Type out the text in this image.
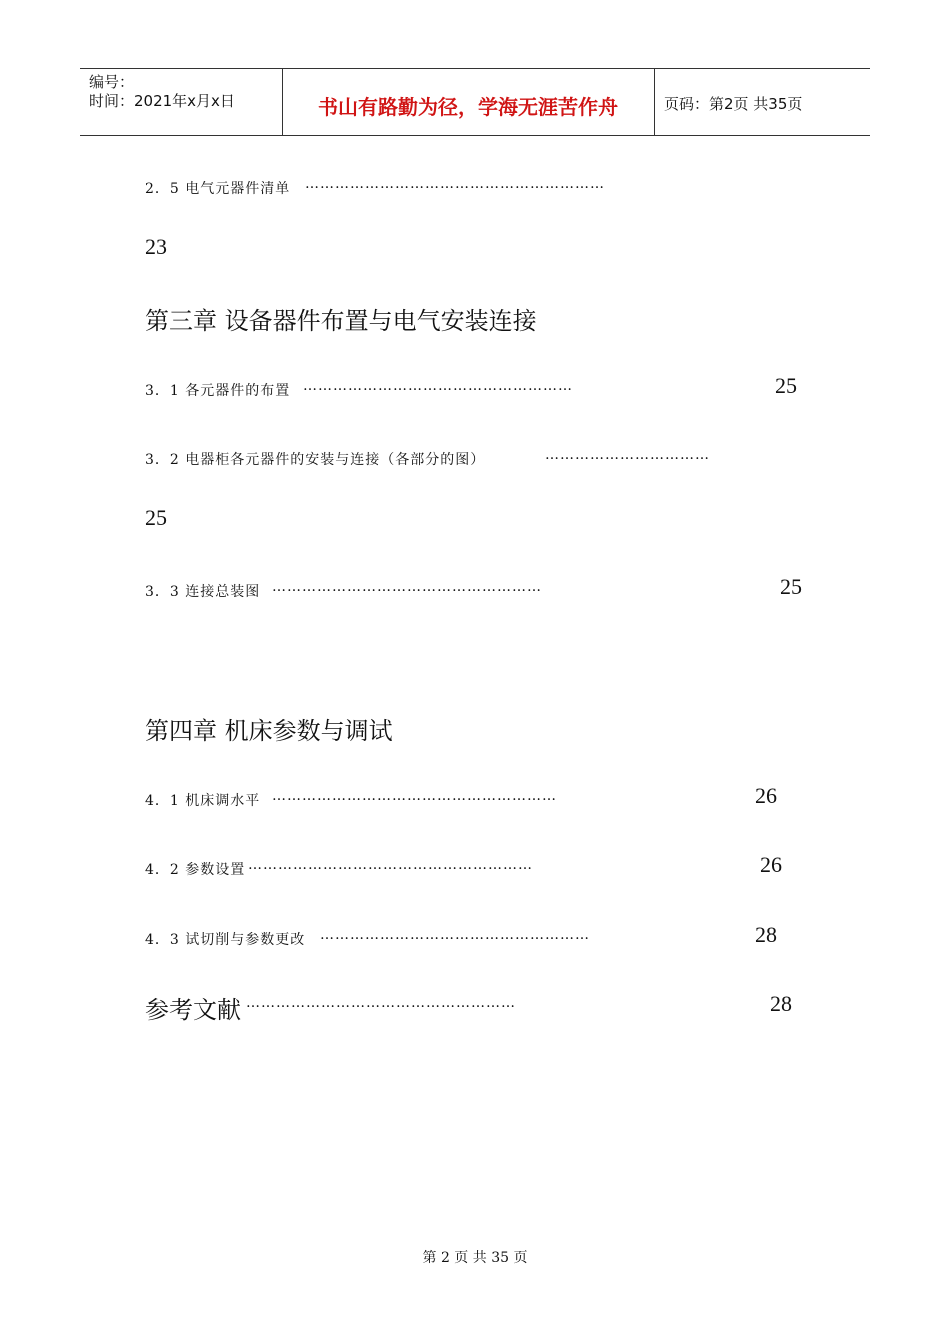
编号：
时间：2021年x月x日	书山有路勤为径，学海无涯苦作舟	页码：第2页 共35页
2．5 电气元器件清单 ……………………………………………………
23
第三章 设备器件布置与电气安装连接
3．1 各元器件的布置 ………………………………………………	25
3．2 电器柜各元器件的安装与连接（各部分的图）	……………………………
25
3．3 连接总装图 ………………………………………………	25
第四章 机床参数与调试
4．1 机床调水平 …………………………………………………	26
4．2 参数设置 …………………………………………………	26
4．3 试切削与参数更改 ………………………………………………	28
参考文献 ………………………………………………	28
第 2 页 共 35 页
